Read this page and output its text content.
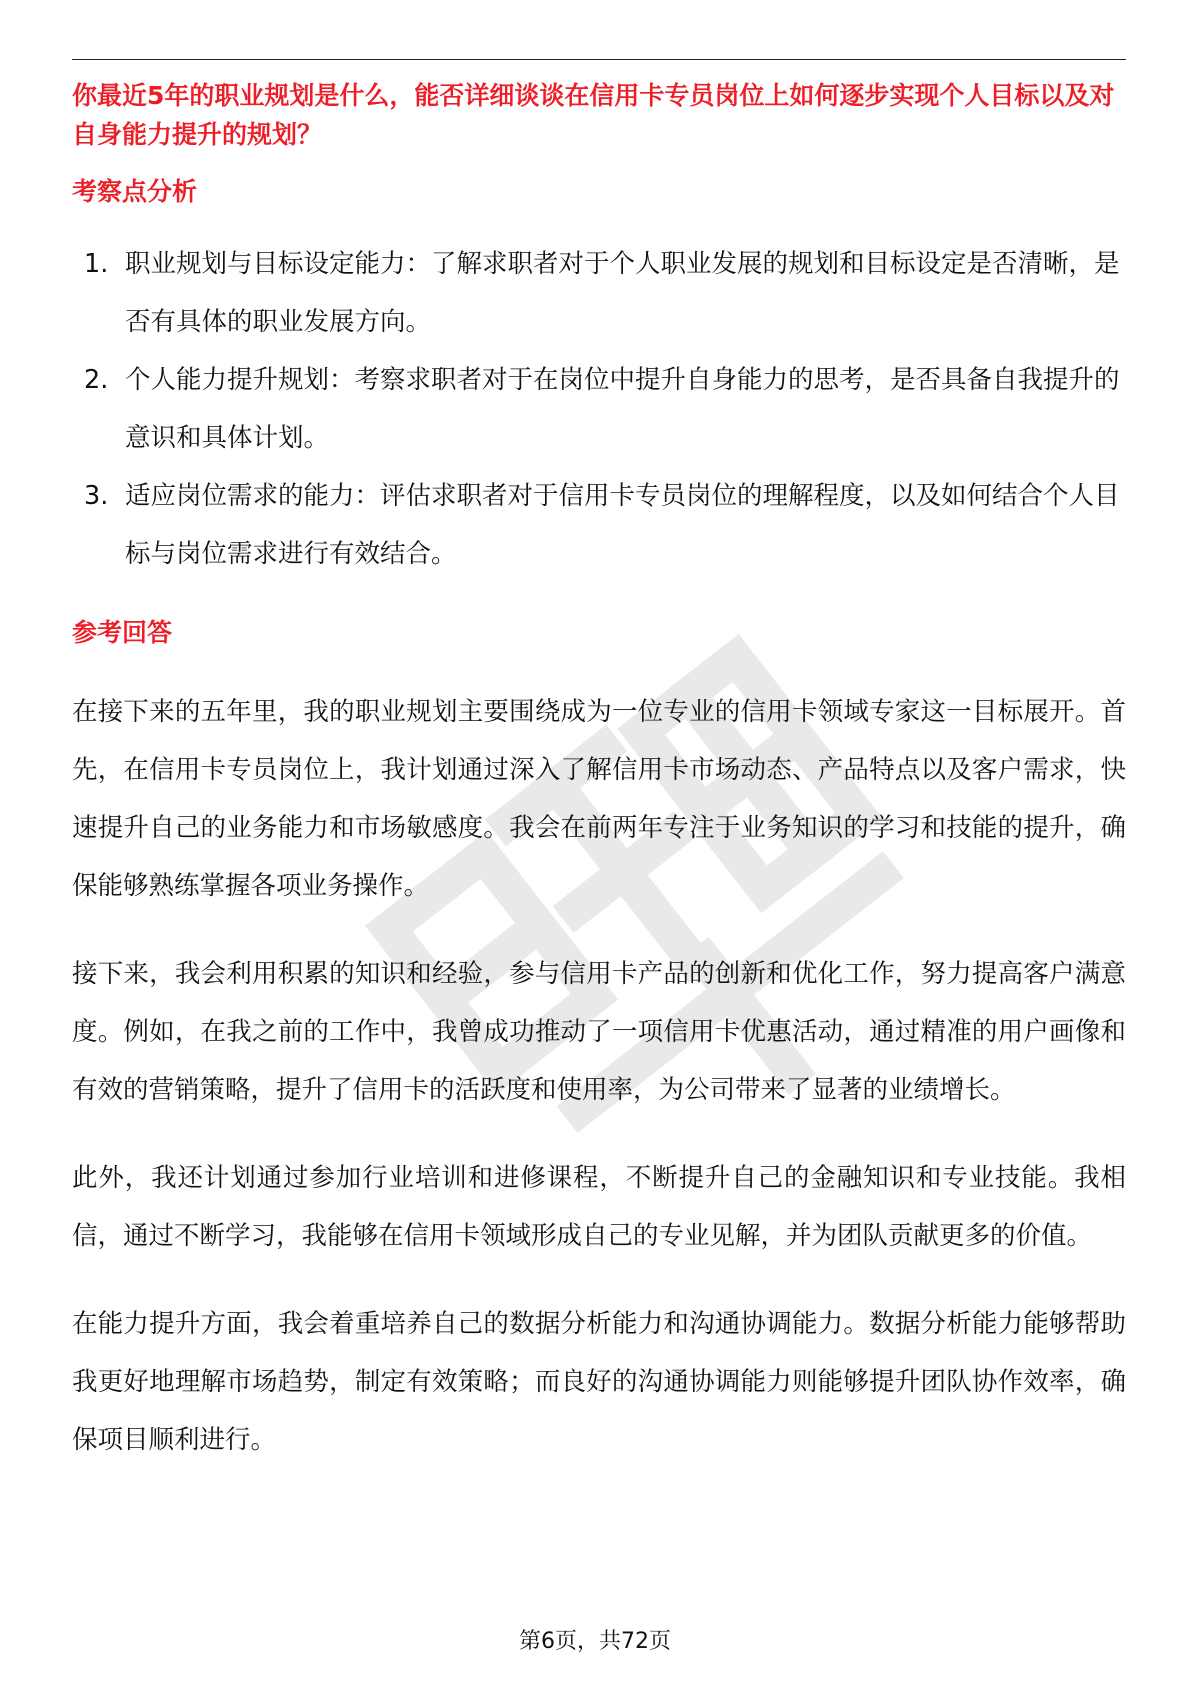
你最近5年的职业规划是什么，能否详细谈谈在信用卡专员岗位上如何逐步实现个人目标以及对自身能力提升的规划？

考察点分析

1. 职业规划与目标设定能力：了解求职者对于个人职业发展的规划和目标设定是否清晰，是否有具体的职业发展方向。
2. 个人能力提升规划：考察求职者对于在岗位中提升自身能力的思考，是否具备自我提升的意识和具体计划。
3. 适应岗位需求的能力：评估求职者对于信用卡专员岗位的理解程度，以及如何结合个人目标与岗位需求进行有效结合。

参考回答

在接下来的五年里，我的职业规划主要围绕成为一位专业的信用卡领域专家这一目标展开。首先，在信用卡专员岗位上，我计划通过深入了解信用卡市场动态、产品特点以及客户需求，快速提升自己的业务能力和市场敏感度。我会在前两年专注于业务知识的学习和技能的提升，确保能够熟练掌握各项业务操作。

接下来，我会利用积累的知识和经验，参与信用卡产品的创新和优化工作，努力提高客户满意度。例如，在我之前的工作中，我曾成功推动了一项信用卡优惠活动，通过精准的用户画像和有效的营销策略，提升了信用卡的活跃度和使用率，为公司带来了显著的业绩增长。

此外，我还计划通过参加行业培训和进修课程，不断提升自己的金融知识和专业技能。我相信，通过不断学习，我能够在信用卡领域形成自己的专业见解，并为团队贡献更多的价值。

在能力提升方面，我会着重培养自己的数据分析能力和沟通协调能力。数据分析能力能够帮助我更好地理解市场趋势，制定有效策略；而良好的沟通协调能力则能够提升团队协作效率，确保项目顺利进行。

第6页，共72页
